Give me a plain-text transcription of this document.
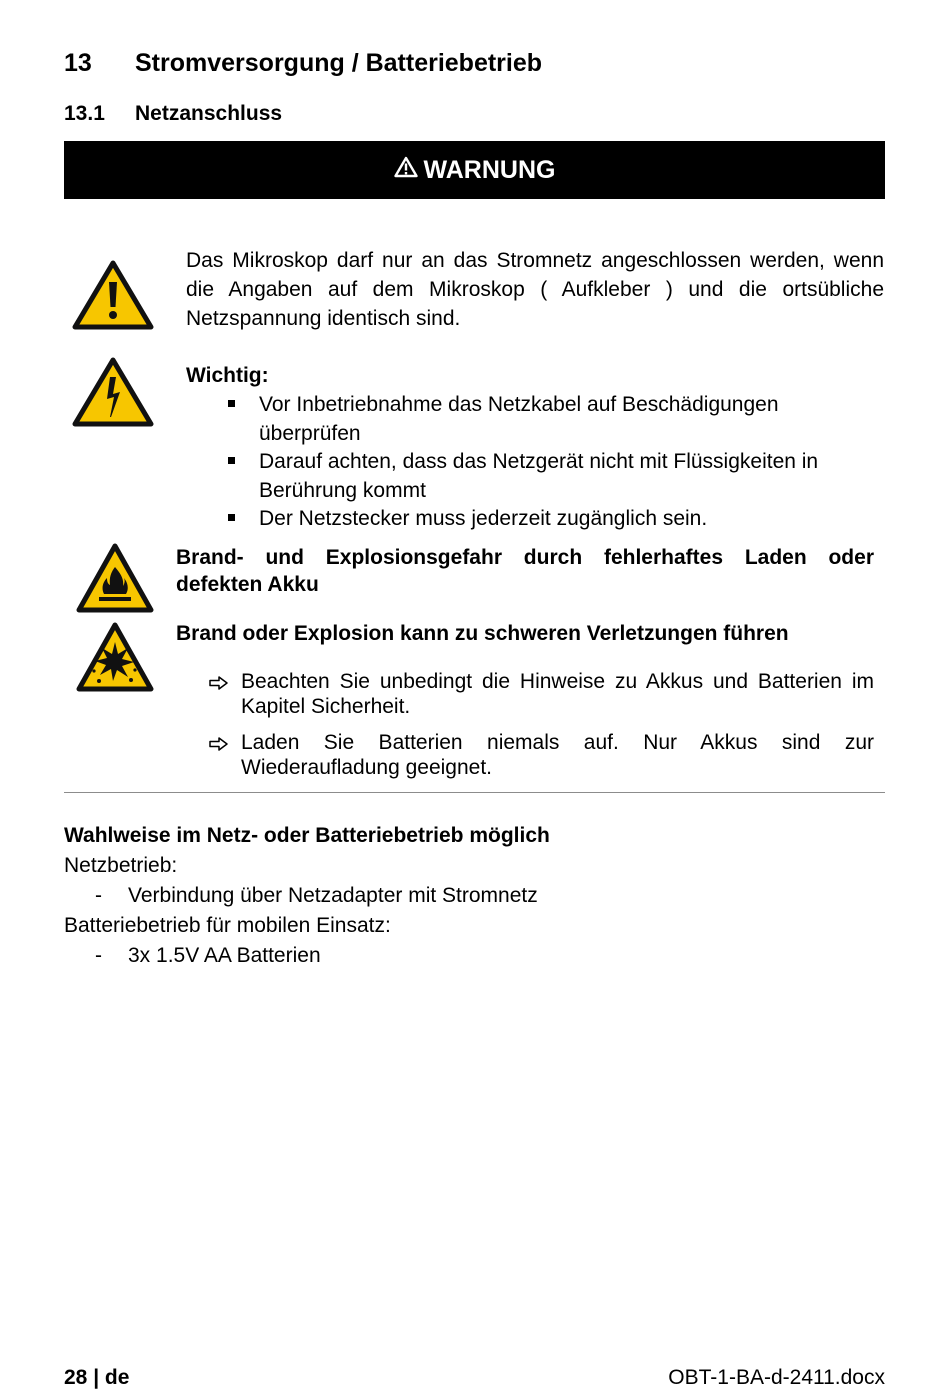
13 Stromversorgung / Batteriebetrieb
13.1 Netzanschluss
WARNUNG
Das Mikroskop darf nur an das Stromnetz angeschlossen werden, wenn die Angaben auf dem Mikroskop ( Aufkleber ) und die ortsübliche Netzspannung identisch sind.
Wichtig:
Vor Inbetriebnahme das Netzkabel auf Beschädigungen
überprüfen
Darauf achten, dass das Netzgerät nicht mit Flüssigkeiten in
Berührung kommt
Der Netzstecker muss jederzeit zugänglich sein.
Brand- und Explosionsgefahr durch fehlerhaftes Laden oder
defekten Akku
Brand oder Explosion kann zu schweren Verletzungen führen
Beachten Sie unbedingt die Hinweise zu Akkus und Batterien im
Kapitel Sicherheit.
Laden Sie Batterien niemals auf. Nur Akkus sind zur
Wiederaufladung geeignet.
Wahlweise im Netz- oder Batteriebetrieb möglich
Netzbetrieb:
- Verbindung über Netzadapter mit Stromnetz
Batteriebetrieb für mobilen Einsatz:
- 3x 1.5V AA Batterien
28 | de	OBT-1-BA-d-2411.docx
